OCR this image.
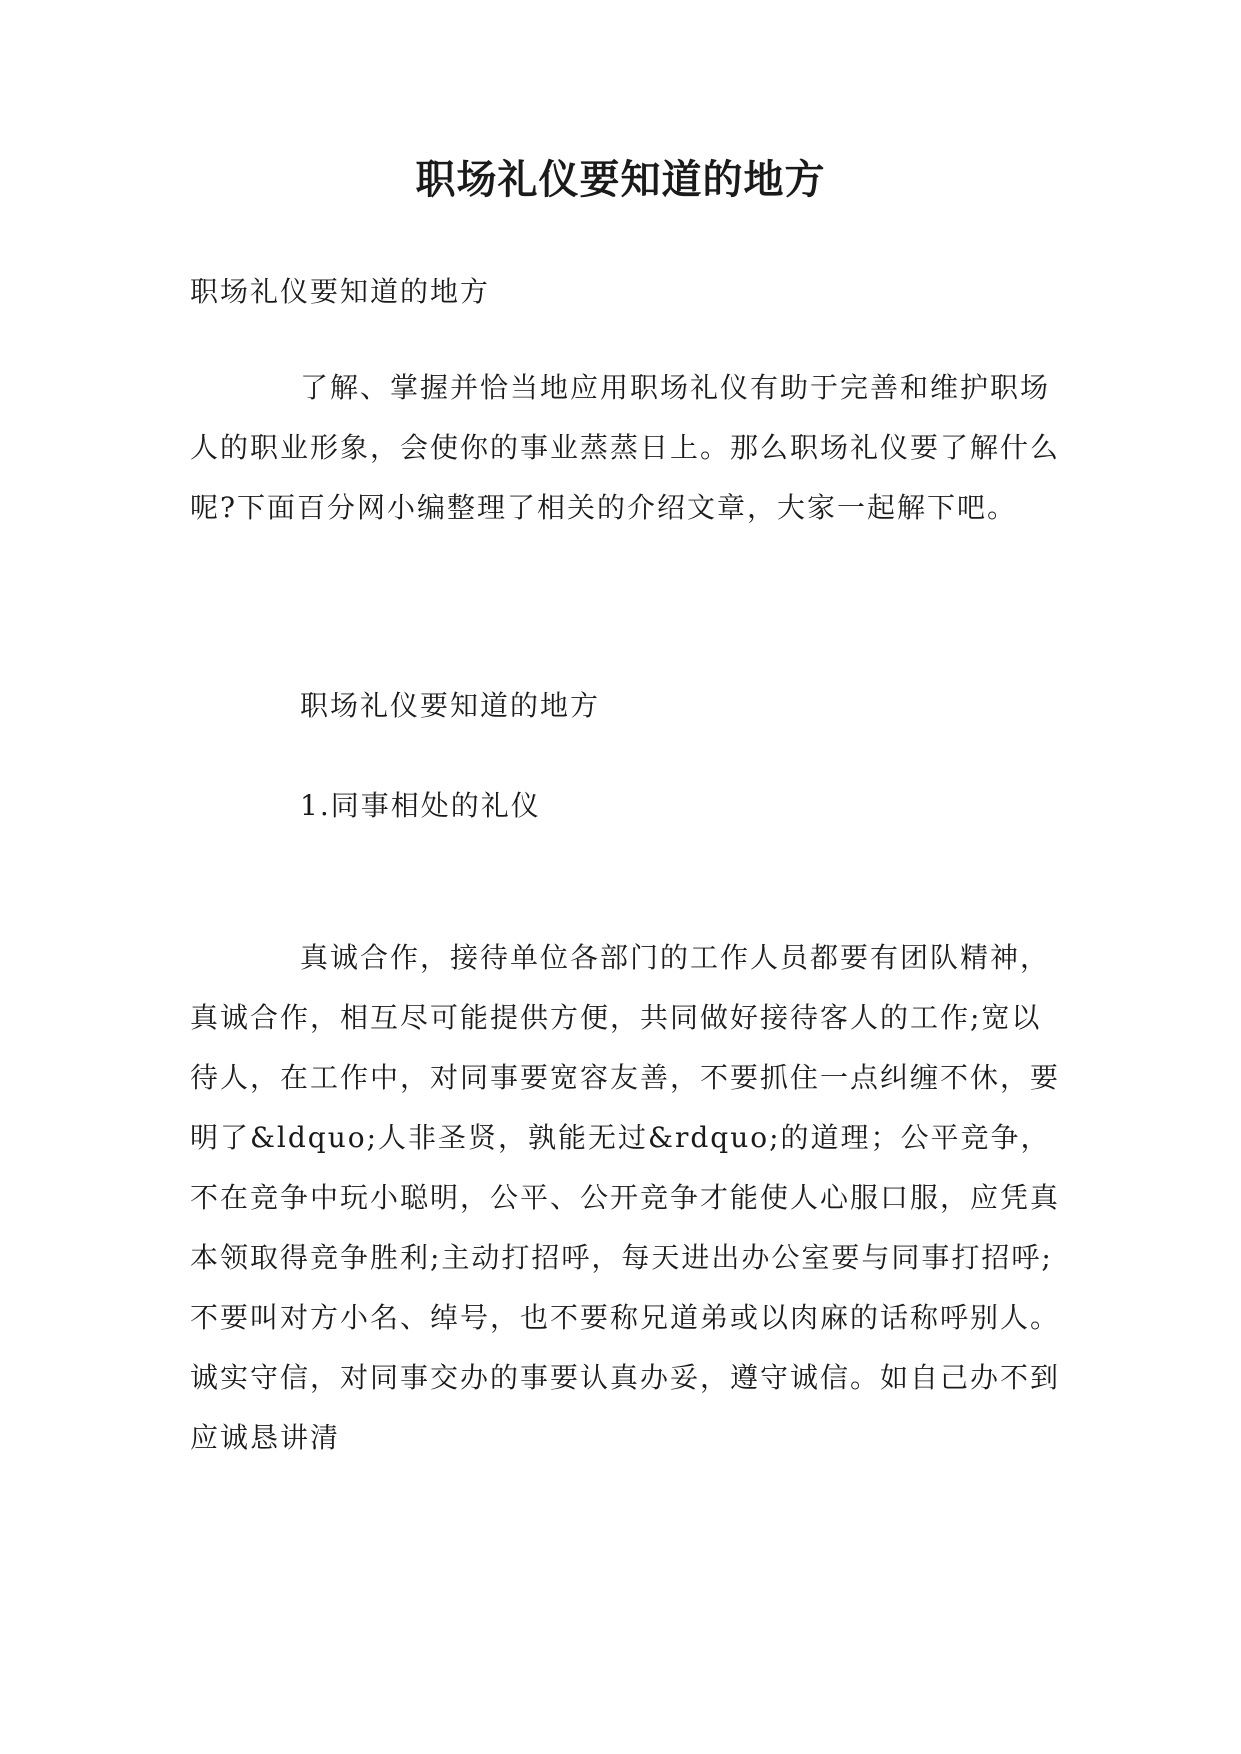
职场礼仪要知道的地方

职场礼仪要知道的地方

了解、掌握并恰当地应用职场礼仪有助于完善和维护职场人的职业形象，会使你的事业蒸蒸日上。那么职场礼仪要了解什么呢?下面百分网小编整理了相关的介绍文章，大家一起解下吧。

职场礼仪要知道的地方

1.同事相处的礼仪

真诚合作，接待单位各部门的工作人员都要有团队精神，真诚合作，相互尽可能提供方便，共同做好接待客人的工作;宽以待人，在工作中，对同事要宽容友善，不要抓住一点纠缠不休，要明了&ldquo;人非圣贤，孰能无过&rdquo;的道理；公平竞争，不在竞争中玩小聪明，公平、公开竞争才能使人心服口服，应凭真本领取得竞争胜利;主动打招呼，每天进出办公室要与同事打招呼;不要叫对方小名、绰号，也不要称兄道弟或以肉麻的话称呼别人。诚实守信，对同事交办的事要认真办妥，遵守诚信。如自己办不到应诚恳讲清
